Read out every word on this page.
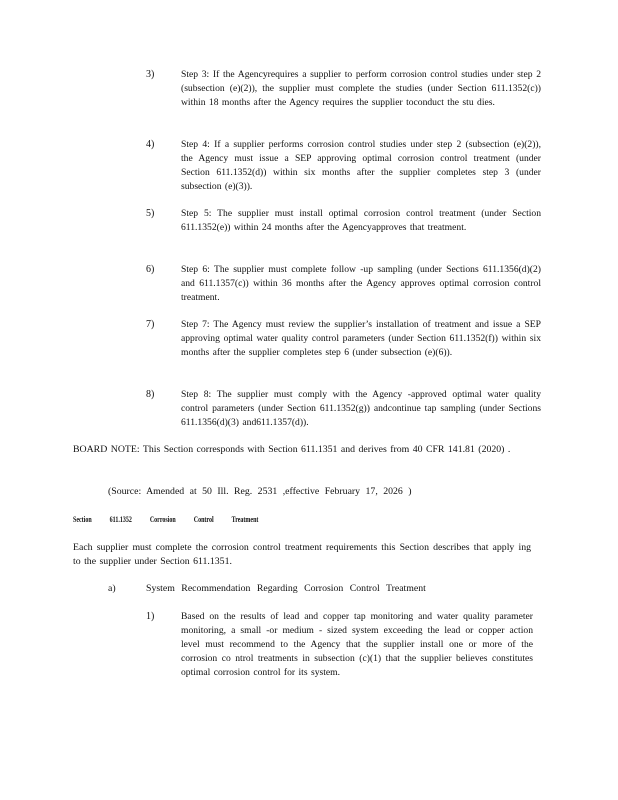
3)	Step 3: If the Agencyrequires a supplier to perform corrosion control studies under step 2 (subsection (e)(2)), the supplier must complete the studies (under Section 611.1352(c)) within 18 months after the Agency requires the supplier toconduct the stu dies.
4)	Step 4: If a supplier performs corrosion control studies under step 2 (subsection (e)(2)), the Agency must issue a SEP approving optimal corrosion control treatment (under Section 611.1352(d)) within six months after the supplier completes step 3 (under subsection (e)(3)).
5)	Step 5: The supplier must install optimal corrosion control treatment (under Section 611.1352(e)) within 24 months after the Agencyapproves that treatment.
6)	Step 6: The supplier must complete follow -up sampling (under Sections 611.1356(d)(2) and 611.1357(c)) within 36 months after the Agency approves optimal corrosion control treatment.
7)	Step 7: The Agency must review the supplier’s installation of treatment and issue a SEP approving optimal water quality control parameters (under Section 611.1352(f)) within six months after the supplier completes step 6 (under subsection (e)(6)).
8)	Step 8: The supplier must comply with the Agency -approved optimal water quality control parameters (under Section 611.1352(g)) andcontinue tap sampling (under Sections 611.1356(d)(3) and611.1357(d)).
BOARD NOTE: This Section corresponds with Section 611.1351 and derives from 40 CFR 141.81 (2020) .
(Source: Amended at 50 Ill. Reg. 2531 ,effective February 17, 2026 )
Section 611.1352 Corrosion Control Treatment
Each supplier must complete the corrosion control treatment requirements this Section describes that apply ing to the supplier under Section 611.1351.
a)	System Recommendation Regarding Corrosion Control Treatment
1)	Based on the results of lead and copper tap monitoring and water quality parameter monitoring, a small -or medium - sized system exceeding the lead or copper action level must recommend to the Agency that the supplier install one or more of the corrosion co ntrol treatments in subsection (c)(1) that the supplier believes constitutes optimal corrosion control for its system.
